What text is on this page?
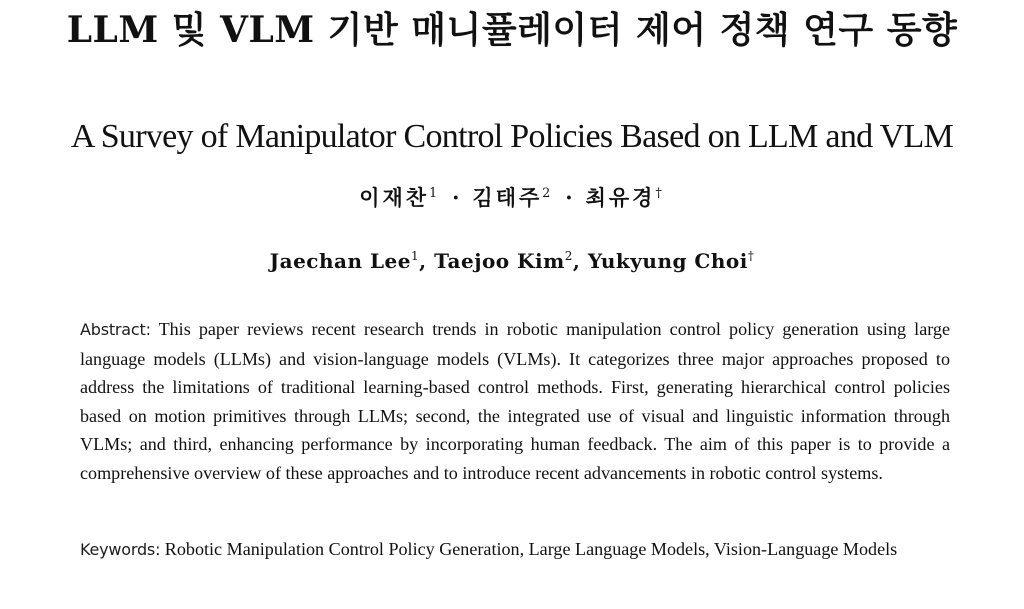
LLM 및 VLM 기반 매니퓰레이터 제어 정책 연구 동향
A Survey of Manipulator Control Policies Based on LLM and VLM
이재찬$^1$ · 김태주$^2$ · 최유경†
Jaechan Lee$^1$, Taejoo Kim$^2$, Yukyung Choi†
Abstract: This paper reviews recent research trends in robotic manipulation control policy generation using large language models (LLMs) and vision-language models (VLMs). It categorizes three major approaches proposed to address the limitations of traditional learning-based control methods. First, generating hierarchical control policies based on motion primitives through LLMs; second, the integrated use of visual and linguistic information through VLMs; and third, enhancing performance by incorporating human feedback. The aim of this paper is to provide a comprehensive overview of these approaches and to introduce recent advancements in robotic control systems.
Keywords: Robotic Manipulation Control Policy Generation, Large Language Models, Vision-Language Models
